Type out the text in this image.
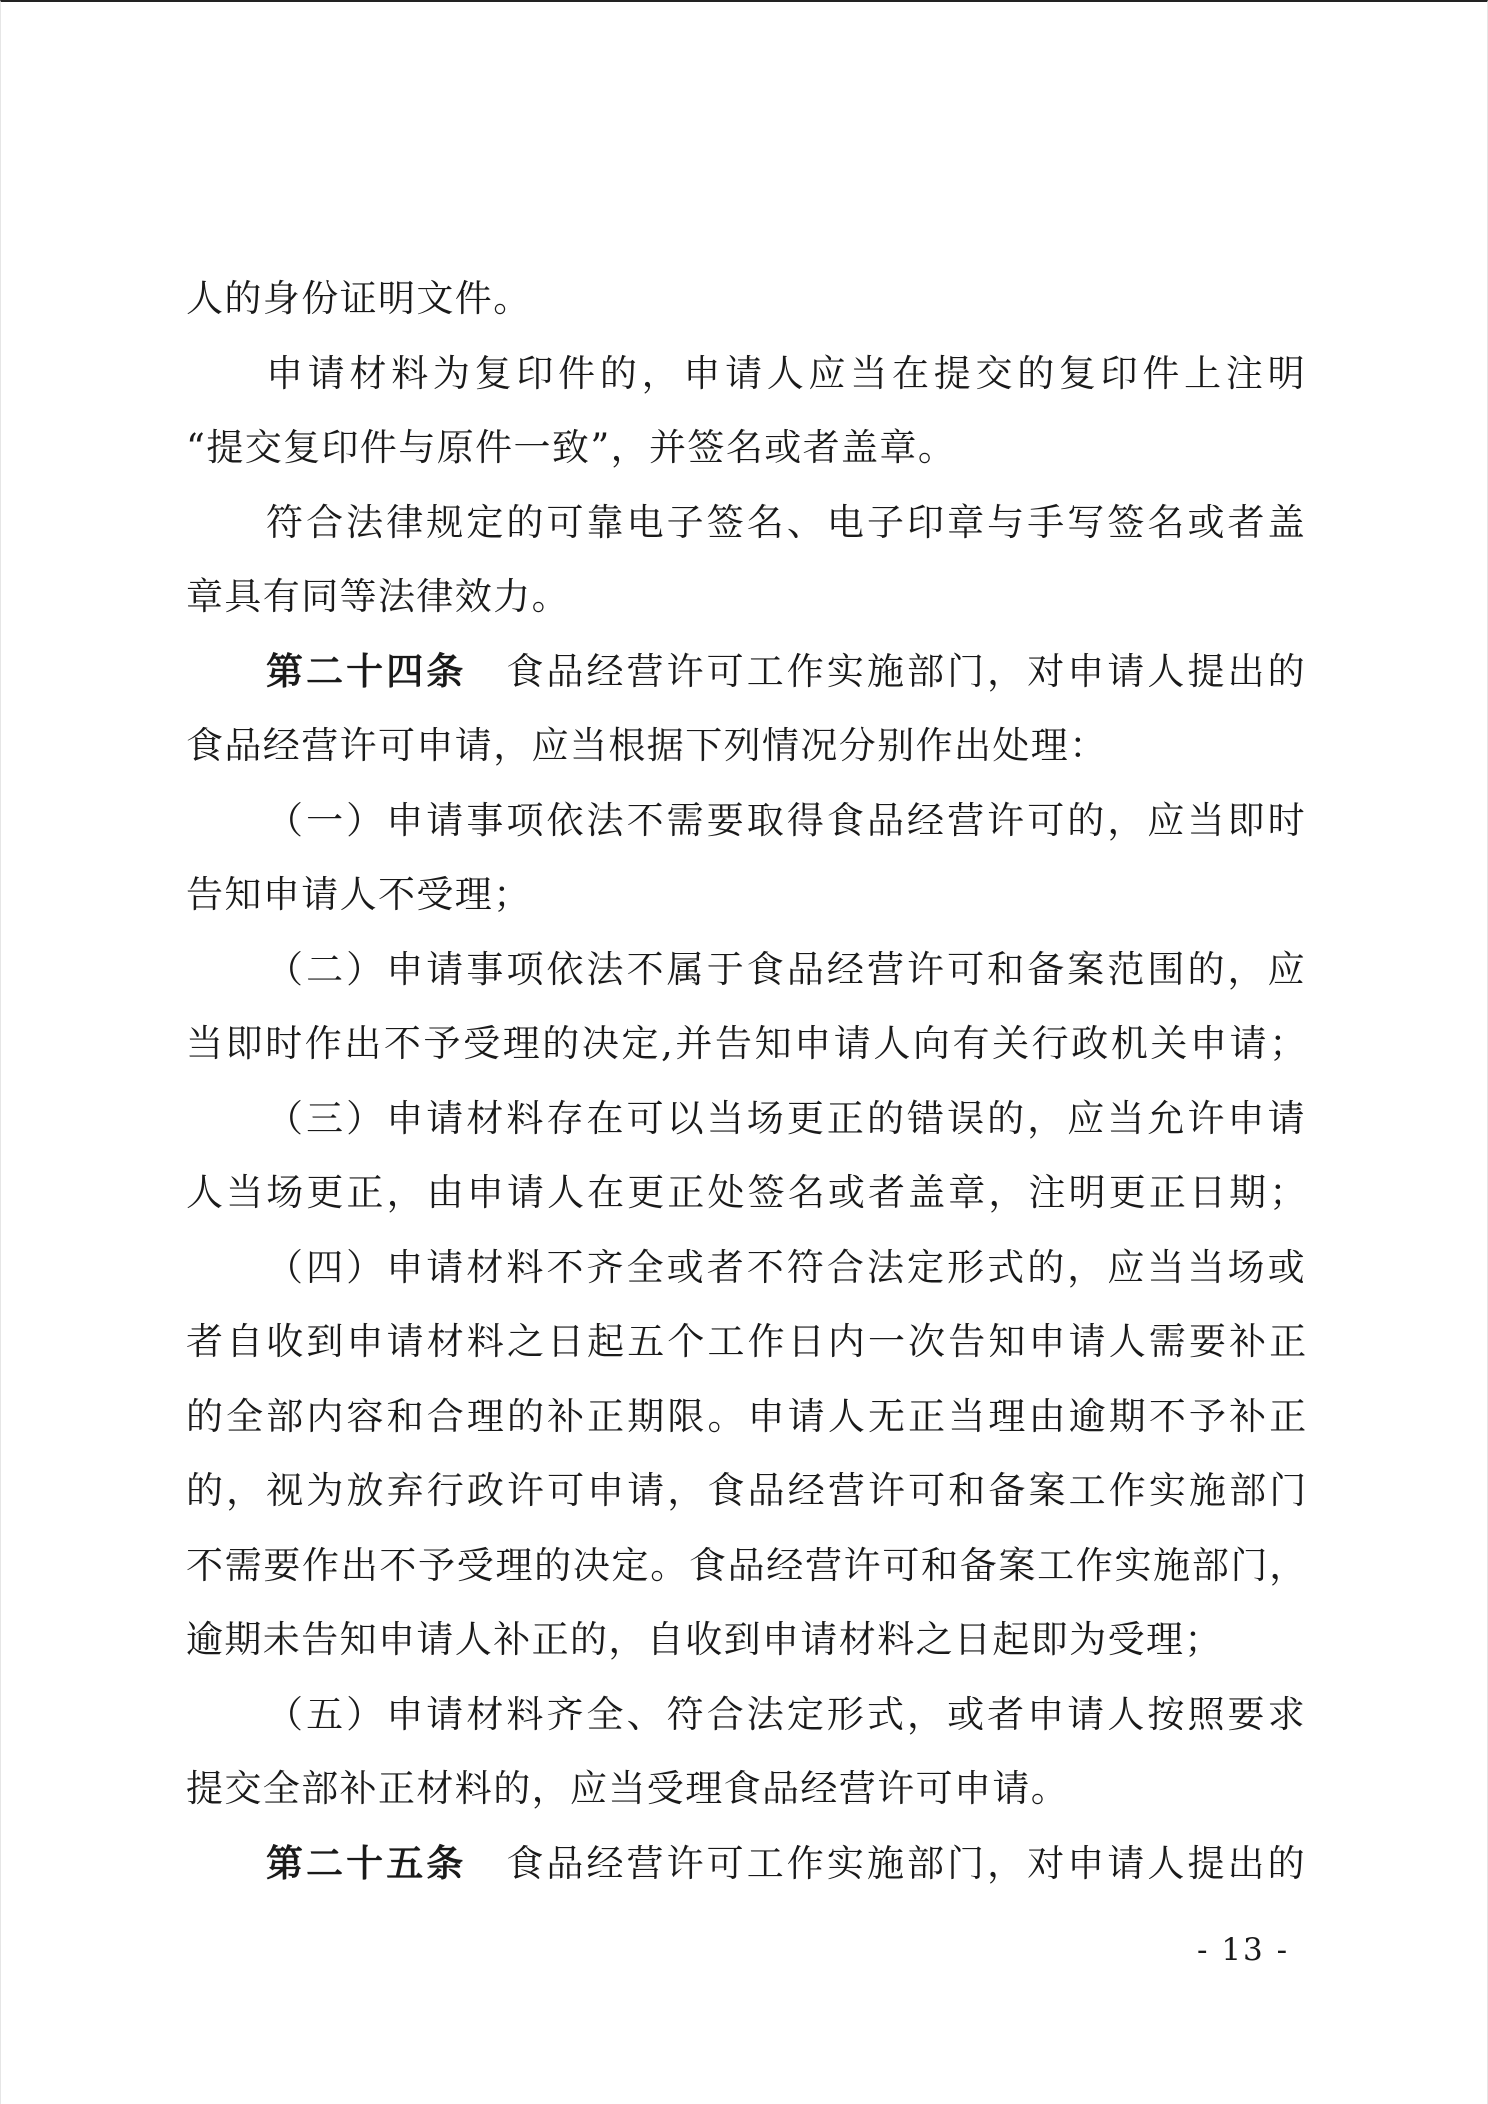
人的身份证明文件。
申请材料为复印件的，申请人应当在提交的复印件上注明
“提交复印件与原件一致”，并签名或者盖章。
符合法律规定的可靠电子签名、电子印章与手写签名或者盖
章具有同等法律效力。
第二十四条 食品经营许可工作实施部门，对申请人提出的
食品经营许可申请，应当根据下列情况分别作出处理：
（一）申请事项依法不需要取得食品经营许可的，应当即时
告知申请人不受理；
（二）申请事项依法不属于食品经营许可和备案范围的，应
当即时作出不予受理的决定,并告知申请人向有关行政机关申请；
（三）申请材料存在可以当场更正的错误的，应当允许申请
人当场更正，由申请人在更正处签名或者盖章，注明更正日期；
（四）申请材料不齐全或者不符合法定形式的，应当当场或
者自收到申请材料之日起五个工作日内一次告知申请人需要补正
的全部内容和合理的补正期限。申请人无正当理由逾期不予补正
的，视为放弃行政许可申请，食品经营许可和备案工作实施部门
不需要作出不予受理的决定。食品经营许可和备案工作实施部门，
逾期未告知申请人补正的，自收到申请材料之日起即为受理；
（五）申请材料齐全、符合法定形式，或者申请人按照要求
提交全部补正材料的，应当受理食品经营许可申请。
第二十五条 食品经营许可工作实施部门，对申请人提出的
- 13 -
